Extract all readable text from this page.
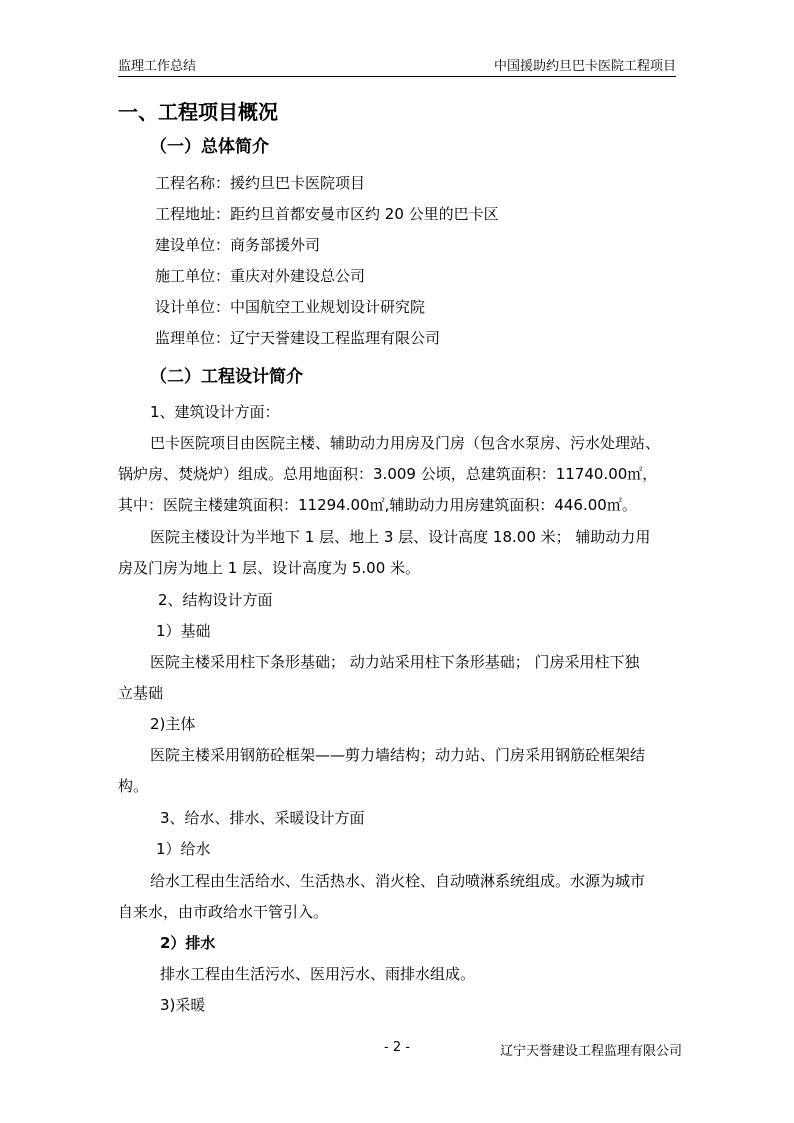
监理工作总结	中国援助约旦巴卡医院工程项目
一、工程项目概况
（一）总体简介
工程名称：援约旦巴卡医院项目
工程地址：距约旦首都安曼市区约 20 公里的巴卡区
建设单位：商务部援外司
施工单位：重庆对外建设总公司
设计单位：中国航空工业规划设计研究院
监理单位：辽宁天誉建设工程监理有限公司
（二）工程设计简介
1、建筑设计方面：
巴卡医院项目由医院主楼、辅助动力用房及门房（包含水泵房、污水处理站、
锅炉房、焚烧炉）组成。总用地面积：3.009 公顷，总建筑面积：11740.00㎡，
其中：医院主楼建筑面积：11294.00㎡,辅助动力用房建筑面积：446.00㎡。
医院主楼设计为半地下 1 层、地上 3 层、设计高度 18.00 米； 辅助动力用
房及门房为地上 1 层、设计高度为 5.00 米。
2、结构设计方面
1）基础
医院主楼采用柱下条形基础； 动力站采用柱下条形基础； 门房采用柱下独
立基础
2)主体
医院主楼采用钢筋砼框架——剪力墙结构；动力站、门房采用钢筋砼框架结
构。
3、给水、排水、采暖设计方面
1）给水
给水工程由生活给水、生活热水、消火栓、自动喷淋系统组成。水源为城市
自来水，由市政给水干管引入。
2）排水
排水工程由生活污水、医用污水、雨排水组成。
3)采暖
- 2 -	辽宁天誉建设工程监理有限公司
